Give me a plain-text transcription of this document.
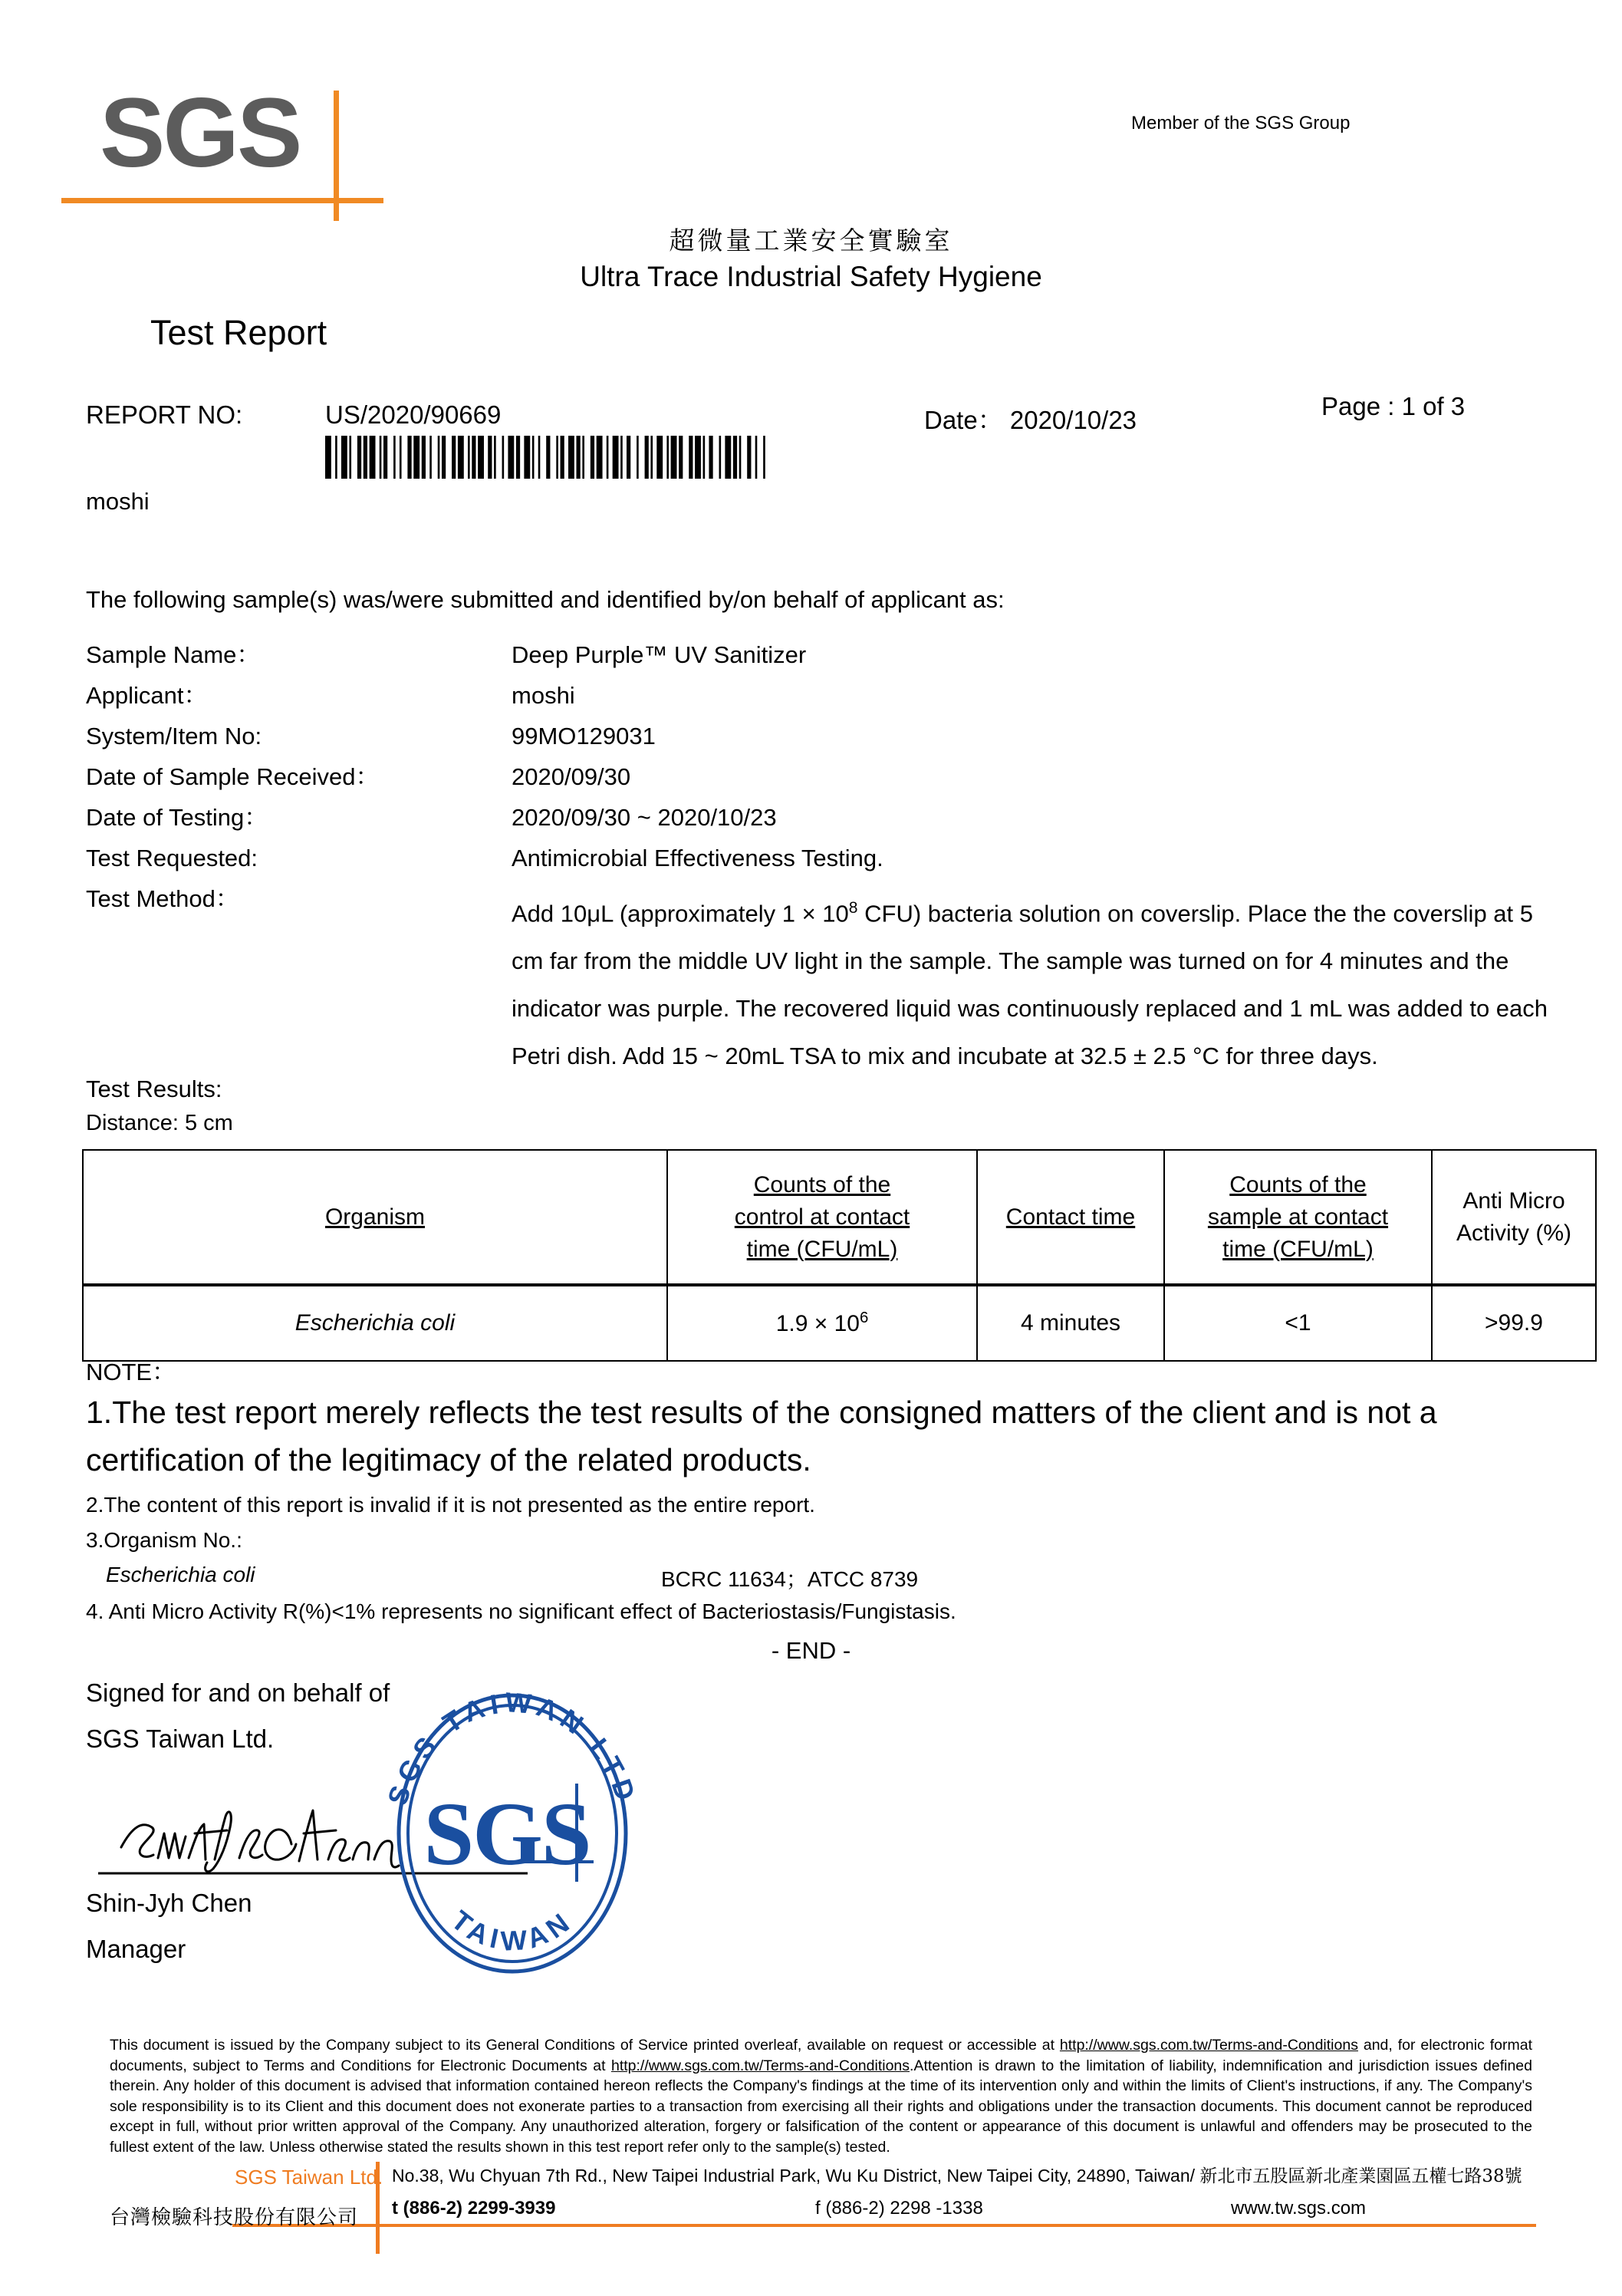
SGS
超微量工業安全實驗室
Ultra Trace Industrial Safety Hygiene
Test Report
REPORT NO:	US/2020/90669	Date： 2020/10/23	Page : 1 of 3
moshi
The following sample(s) was/were submitted and identified by/on behalf of applicant as:
Sample Name：	Deep Purple™ UV Sanitizer
Applicant：	moshi
System/Item No:	99MO129031
Date of Sample Received：	2020/09/30
Date of Testing：	2020/09/30 ~ 2020/10/23
Test Requested:	Antimicrobial Effectiveness Testing.
Test Method：
Add 10μL (approximately $1 \times 10^8$ CFU) bacteria solution on coverslip. Place the the coverslip at 5 cm far from the middle UV light in the sample. The sample was turned on for 4 minutes and the indicator was purple. The recovered liquid was continuously replaced and 1 mL was added to each Petri dish. Add 15 ~ 20mL TSA to mix and incubate at 32.5 ± 2.5 °C for three days.
Test Results:
Distance: 5 cm
Organism	Counts of the
control at contact
time (CFU/mL)	Contact time	Counts of the
sample at contact
time (CFU/mL)	Anti Micro
Activity (%)
Escherichia coli	$1.9 \times 10^6$	4 minutes	<1	>99.9
NOTE：
1.The test report merely reflects the test results of the consigned matters of the client and is not a certification of the legitimacy of the related products.
2.The content of this report is invalid if it is not presented as the entire report.
3.Organism No.:
Escherichia coli	BCRC 11634；ATCC 8739
4. Anti Micro Activity R(%)<1% represents no significant effect of Bacteriostasis/Fungistasis.
- END -
Signed for and on behalf of
SGS Taiwan Ltd.
Shin-Jyh Chen
Manager
SGS TAIWAN LTD
TAIWAN
SGS
This document is issued by the Company subject to its General Conditions of Service printed overleaf, available on request or accessible at http://www.sgs.com.tw/Terms-and-Conditions and, for electronic format documents, subject to Terms and Conditions for Electronic Documents at http://www.sgs.com.tw/Terms-and-Conditions.Attention is drawn to the limitation of liability, indemnification and jurisdiction issues defined therein. Any holder of this document is advised that information contained hereon reflects the Company's findings at the time of its intervention only and within the limits of Client's instructions, if any. The Company's sole responsibility is to its Client and this document does not exonerate parties to a transaction from exercising all their rights and obligations under the transaction documents. This document cannot be reproduced except in full, without prior written approval of the Company. Any unauthorized alteration, forgery or falsification of the content or appearance of this document is unlawful and offenders may be prosecuted to the fullest extent of the law. Unless otherwise stated the results shown in this test report refer only to the sample(s) tested.
SGS Taiwan Ltd.
台灣檢驗科技股份有限公司
No.38, Wu Chyuan 7th Rd., New Taipei Industrial Park, Wu Ku District, New Taipei City, 24890, Taiwan/ 新北市五股區新北產業園區五權七路38號
t (886-2) 2299-3939	f (886-2) 2298 -1338	www.tw.sgs.com
Member of the SGS Group
